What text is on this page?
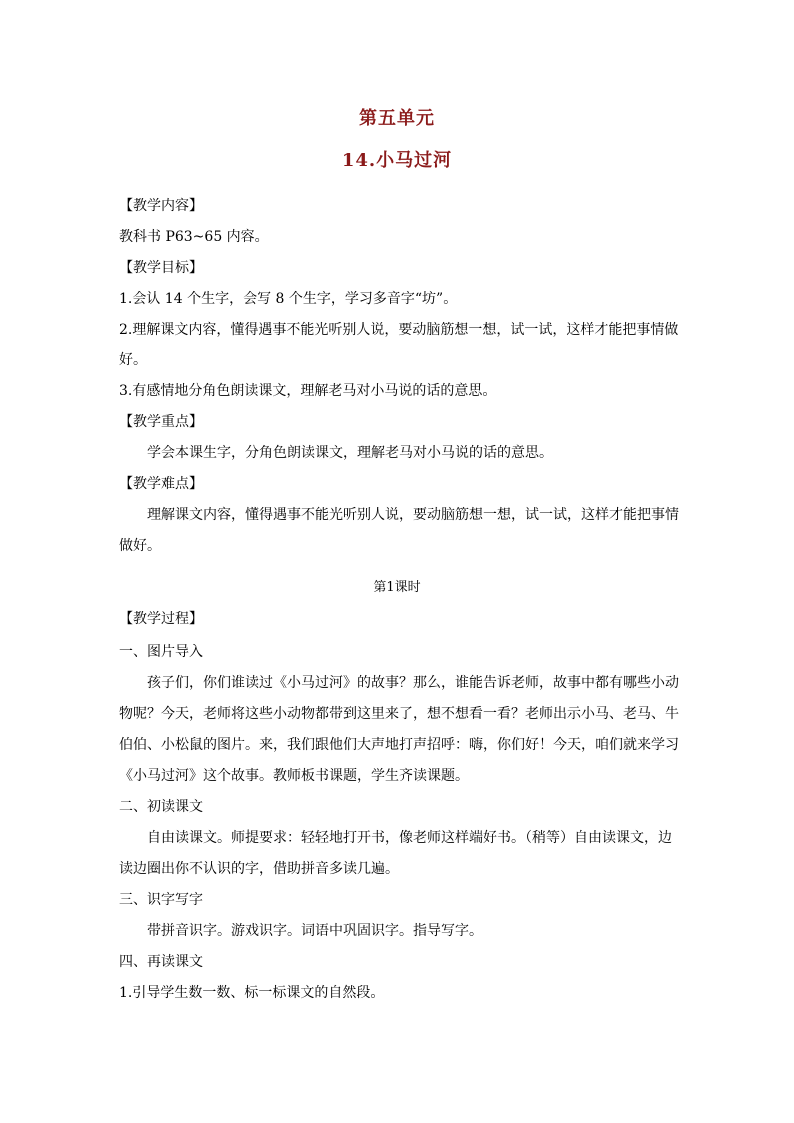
第五单元
14.小马过河
【教学内容】
教科书 P63~65 内容。
【教学目标】
1.会认 14 个生字，会写 8 个生字，学习多音字“坊”。
2.理解课文内容，懂得遇事不能光听别人说，要动脑筋想一想，试一试，这样才能把事情做
好。
3.有感情地分角色朗读课文，理解老马对小马说的话的意思。
【教学重点】
学会本课生字，分角色朗读课文，理解老马对小马说的话的意思。
【教学难点】
理解课文内容，懂得遇事不能光听别人说，要动脑筋想一想，试一试，这样才能把事情
做好。
第1课时
【教学过程】
一、图片导入
孩子们，你们谁读过《小马过河》的故事？那么，谁能告诉老师，故事中都有哪些小动
物呢？今天，老师将这些小动物都带到这里来了，想不想看一看？老师出示小马、老马、牛
伯伯、小松鼠的图片。来，我们跟他们大声地打声招呼：嗨，你们好！今天，咱们就来学习
《小马过河》这个故事。教师板书课题，学生齐读课题。
二、初读课文
自由读课文。师提要求：轻轻地打开书，像老师这样端好书。（稍等）自由读课文，边
读边圈出你不认识的字，借助拼音多读几遍。
三、识字写字
带拼音识字。游戏识字。词语中巩固识字。指导写字。
四、再读课文
1.引导学生数一数、标一标课文的自然段。
